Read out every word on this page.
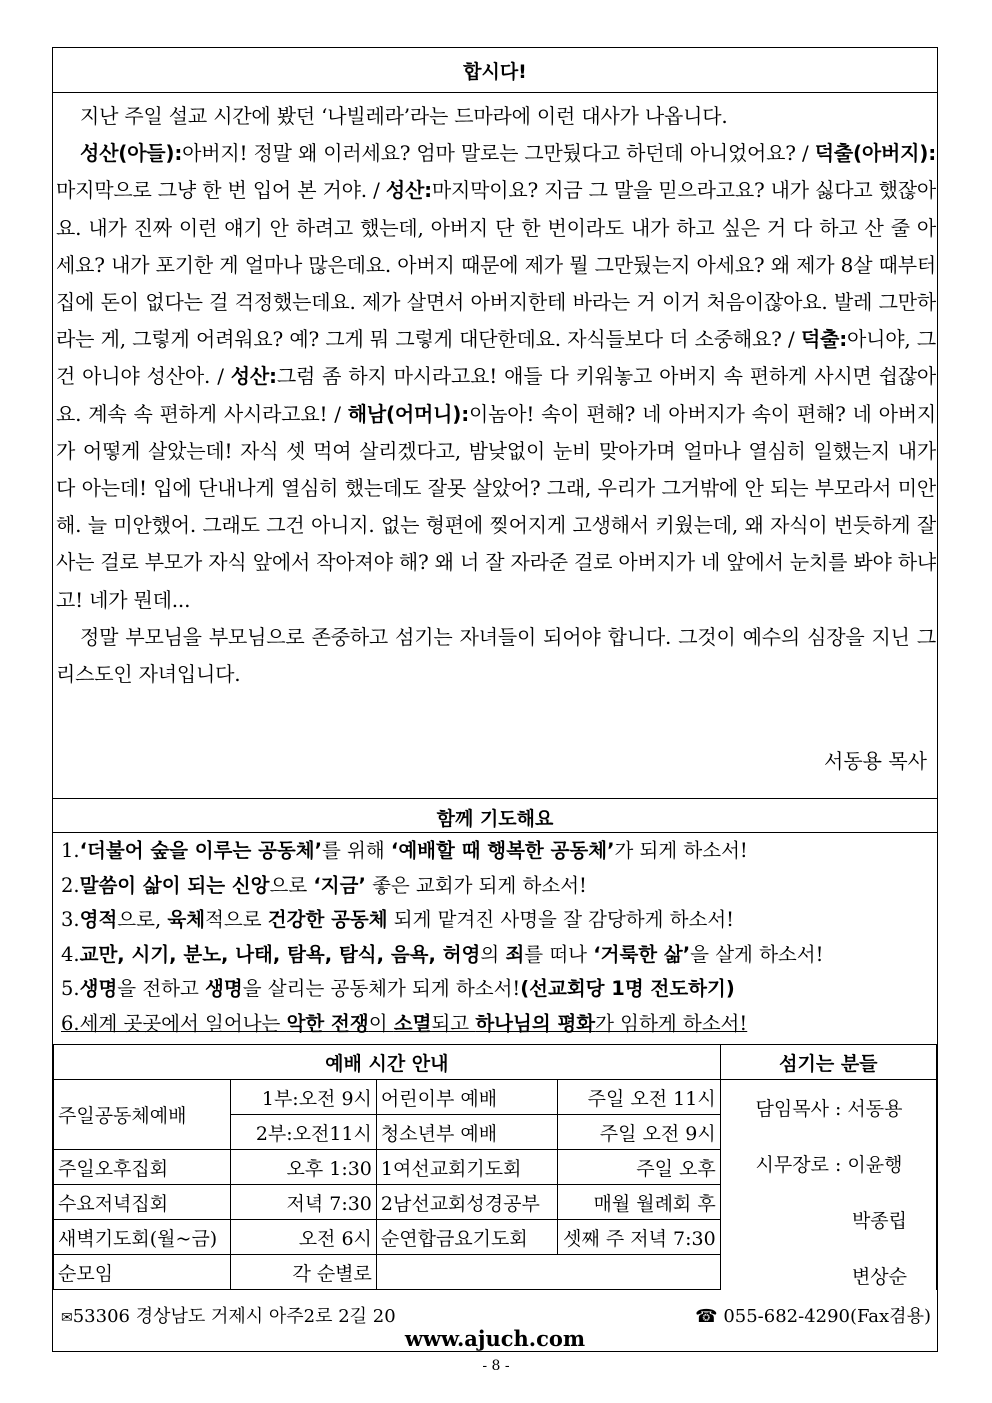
합시다!

지난 주일 설교 시간에 봤던 ‘나빌레라’라는 드마라에 이런 대사가 나옵니다.

성산(아들):아버지! 정말 왜 이러세요? 엄마 말로는 그만뒀다고 하던데 아니었어요? / 덕출(아버지):마지막으로 그냥 한 번 입어 본 거야. / 성산:마지막이요? 지금 그 말을 믿으라고요? 내가 싫다고 했잖아요. 내가 진짜 이런 얘기 안 하려고 했는데, 아버지 단 한 번이라도 내가 하고 싶은 거 다 하고 산 줄 아세요? 내가 포기한 게 얼마나 많은데요. 아버지 때문에 제가 뭘 그만뒀는지 아세요? 왜 제가 8살 때부터 집에 돈이 없다는 걸 걱정했는데요. 제가 살면서 아버지한테 바라는 거 이거 처음이잖아요. 발레 그만하라는 게, 그렇게 어려워요? 예? 그게 뭐 그렇게 대단한데요. 자식들보다 더 소중해요? / 덕출:아니야, 그건 아니야 성산아. / 성산:그럼 좀 하지 마시라고요! 애들 다 키워놓고 아버지 속 편하게 사시면 쉽잖아요. 계속 속 편하게 사시라고요! / 해남(어머니):이놈아! 속이 편해? 네 아버지가 속이 편해? 네 아버지가 어떻게 살았는데! 자식 셋 먹여 살리겠다고, 밤낮없이 눈비 맞아가며 얼마나 열심히 일했는지 내가 다 아는데! 입에 단내나게 열심히 했는데도 잘못 살았어? 그래, 우리가 그거밖에 안 되는 부모라서 미안해. 늘 미안했어. 그래도 그건 아니지. 없는 형편에 찢어지게 고생해서 키웠는데, 왜 자식이 번듯하게 잘 사는 걸로 부모가 자식 앞에서 작아져야 해? 왜 너 잘 자라준 걸로 아버지가 네 앞에서 눈치를 봐야 하냐고! 네가 뭔데...

정말 부모님을 부모님으로 존중하고 섬기는 자녀들이 되어야 합니다. 그것이 예수의 심장을 지닌 그리스도인 자녀입니다.

서동용 목사
함께 기도해요
1.‘더불어 숲을 이루는 공동체’를 위해 ‘예배할 때 행복한 공동체’가 되게 하소서!
2.말씀이 삶이 되는 신앙으로 ‘지금’ 좋은 교회가 되게 하소서!
3.영적으로, 육체적으로 건강한 공동체 되게 맡겨진 사명을 잘 감당하게 하소서!
4.교만, 시기, 분노, 나태, 탐욕, 탐식, 음욕, 허영의 죄를 떠나 ‘거룩한 삶’을 살게 하소서!
5.생명을 전하고 생명을 살리는 공동체가 되게 하소서!(선교회당 1명 전도하기)
6.세계 곳곳에서 일어나는 악한 전쟁이 소멸되고 하나님의 평화가 임하게 하소서!
예배 시간 안내				섬기는 분들
주일공동체예배	1부:오전 9시	어린이부 예배	주일 오전 11시	
	2부:오전11시	청소년부 예배	주일 오전 9시	
주일오후집회	오후 1:30	1여선교회기도회	주일 오후	
수요저녁집회	저녁 7:30	2남선교회성경공부	매월 월례회 후	
새벽기도회(월~금)	오전 6시	순연합금요기도회	셋째 주 저녁 7:30	
순모임	각 순별로			
담임목사 : 서동용
시무장로 : 이윤행
박종립
변상순
✉53306 경상남도 거제시 아주2로 2길 20	☎ 055-682-4290(Fax겸용)
www.ajuch.com
- 8 -
